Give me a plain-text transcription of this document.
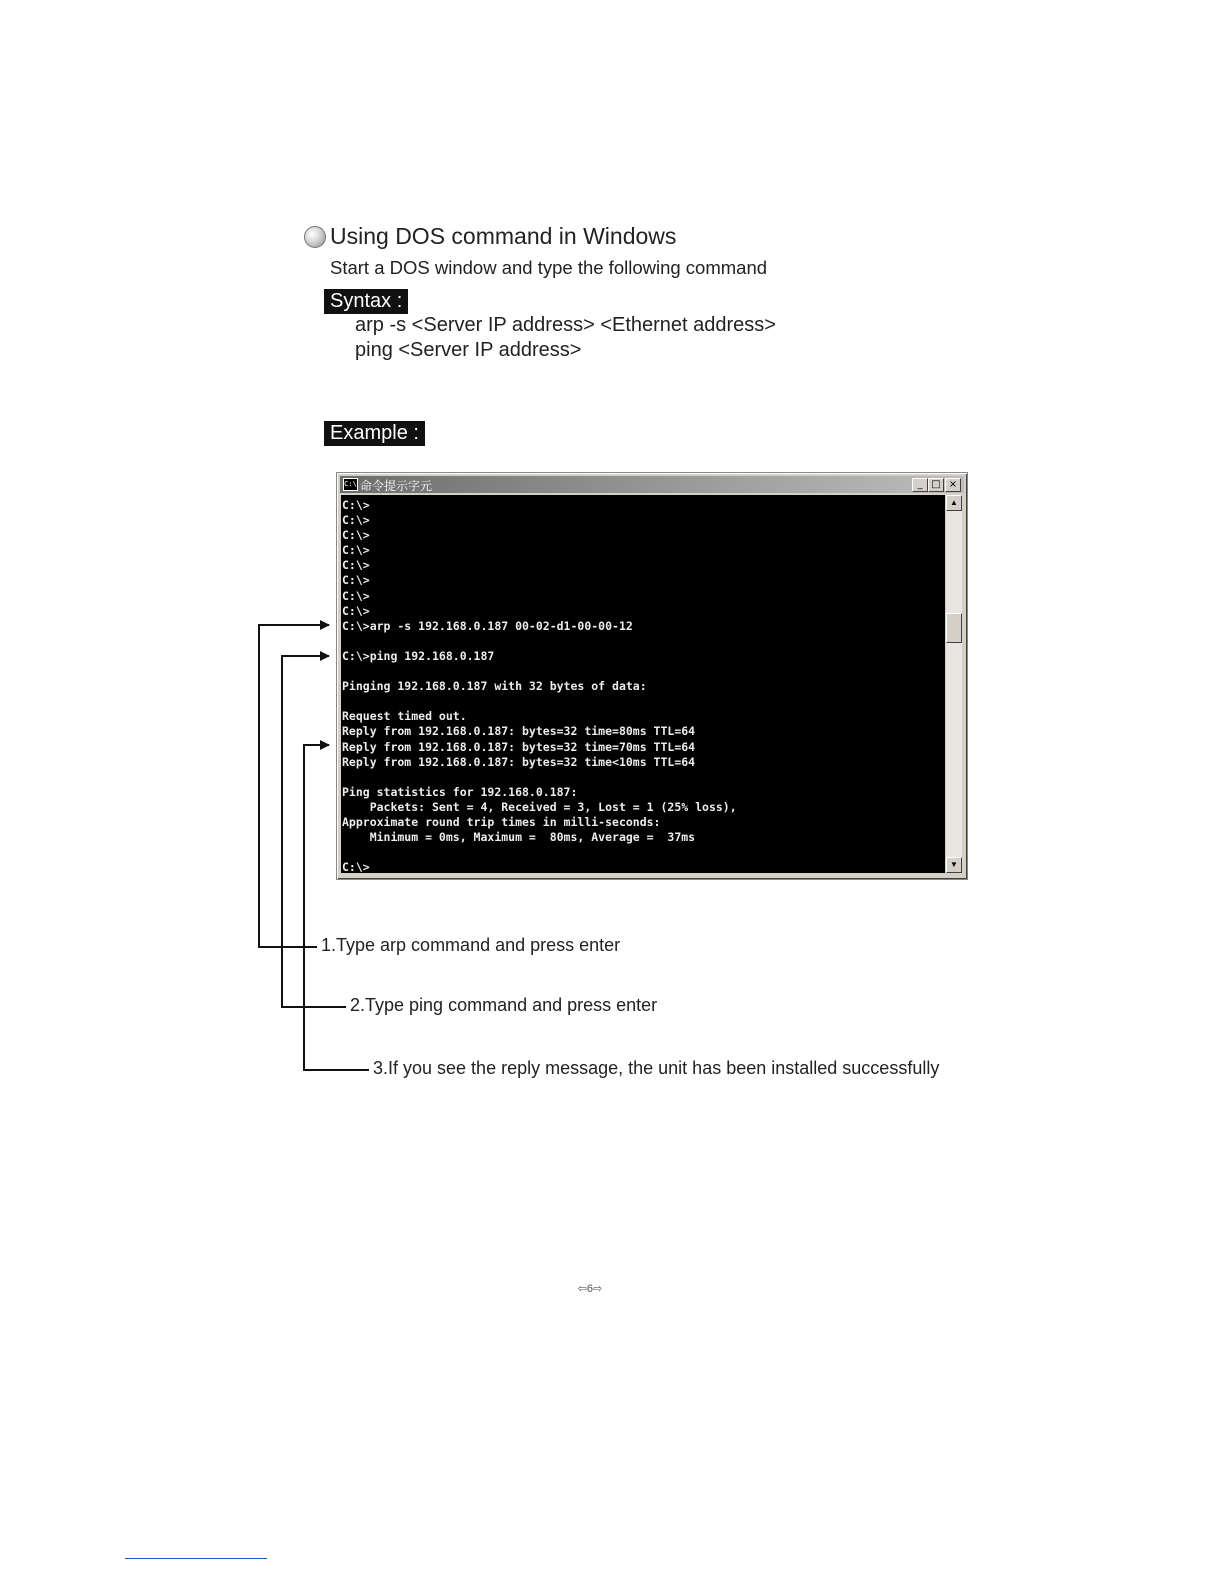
Using DOS command in Windows
Start a DOS window and type the following command
Syntax :
arp -s <Server IP address> <Ethernet address>
ping <Server IP address>
Example :
C:\ 命令提示字元	_ □ ×
C:\>
C:\>
C:\>
C:\>
C:\>
C:\>
C:\>
C:\>
C:\>arp -s 192.168.0.187 00-02-d1-00-00-12

C:\>ping 192.168.0.187

Pinging 192.168.0.187 with 32 bytes of data:

Request timed out.
Reply from 192.168.0.187: bytes=32 time=80ms TTL=64
Reply from 192.168.0.187: bytes=32 time=70ms TTL=64
Reply from 192.168.0.187: bytes=32 time<10ms TTL=64

Ping statistics for 192.168.0.187:
Packets: Sent = 4, Received = 3, Lost = 1 (25% loss),
Approximate round trip times in milli-seconds:
Minimum = 0ms, Maximum =  80ms, Average =  37ms

C:\>
▲
▼
1.Type arp command and press enter
2.Type ping command and press enter
3.If you see the reply message, the unit has been installed successfully
⇦6⇨
